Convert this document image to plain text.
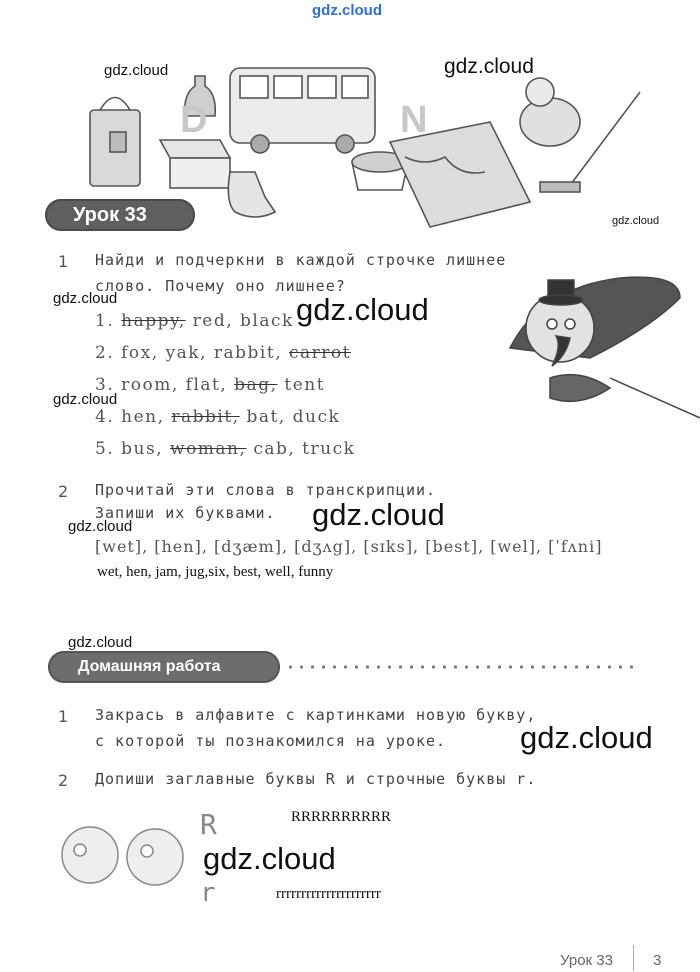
gdz.cloud
gdz.cloud	gdz.cloud
gdz.cloud
gdz.cloud	gdz.cloud
gdz.cloud
gdz.cloud	gdz.cloud
gdz.cloud
gdz.cloud
gdz.cloud
D	N
Урок 33
1 Найди и подчеркни в каждой строчке лишнее
слово. Почему оно лишнее?
1. happy, red, black
2. fox, yak, rabbit, carrot
3. room, flat, bag, tent
4. hen, rabbit, bat, duck
5. bus, woman, cab, truck
2 Прочитай эти слова в транскрипции.
Запиши их буквами.
[wet], [hen], [dʒæm], [dʒʌg], [sɪks], [best], [wel], [ˈfʌni]
wet, hen, jam, jug,six, best, well, funny
Домашняя работа
1 Закрась в алфавите с картинками новую букву,
с которой ты познакомился на уроке.
2 Допиши заглавные буквы R и строчные буквы r.
R
r
RRRRRRRRRR
rrrrrrrrrrrrrrrrrrrrr
Урок 33	3
